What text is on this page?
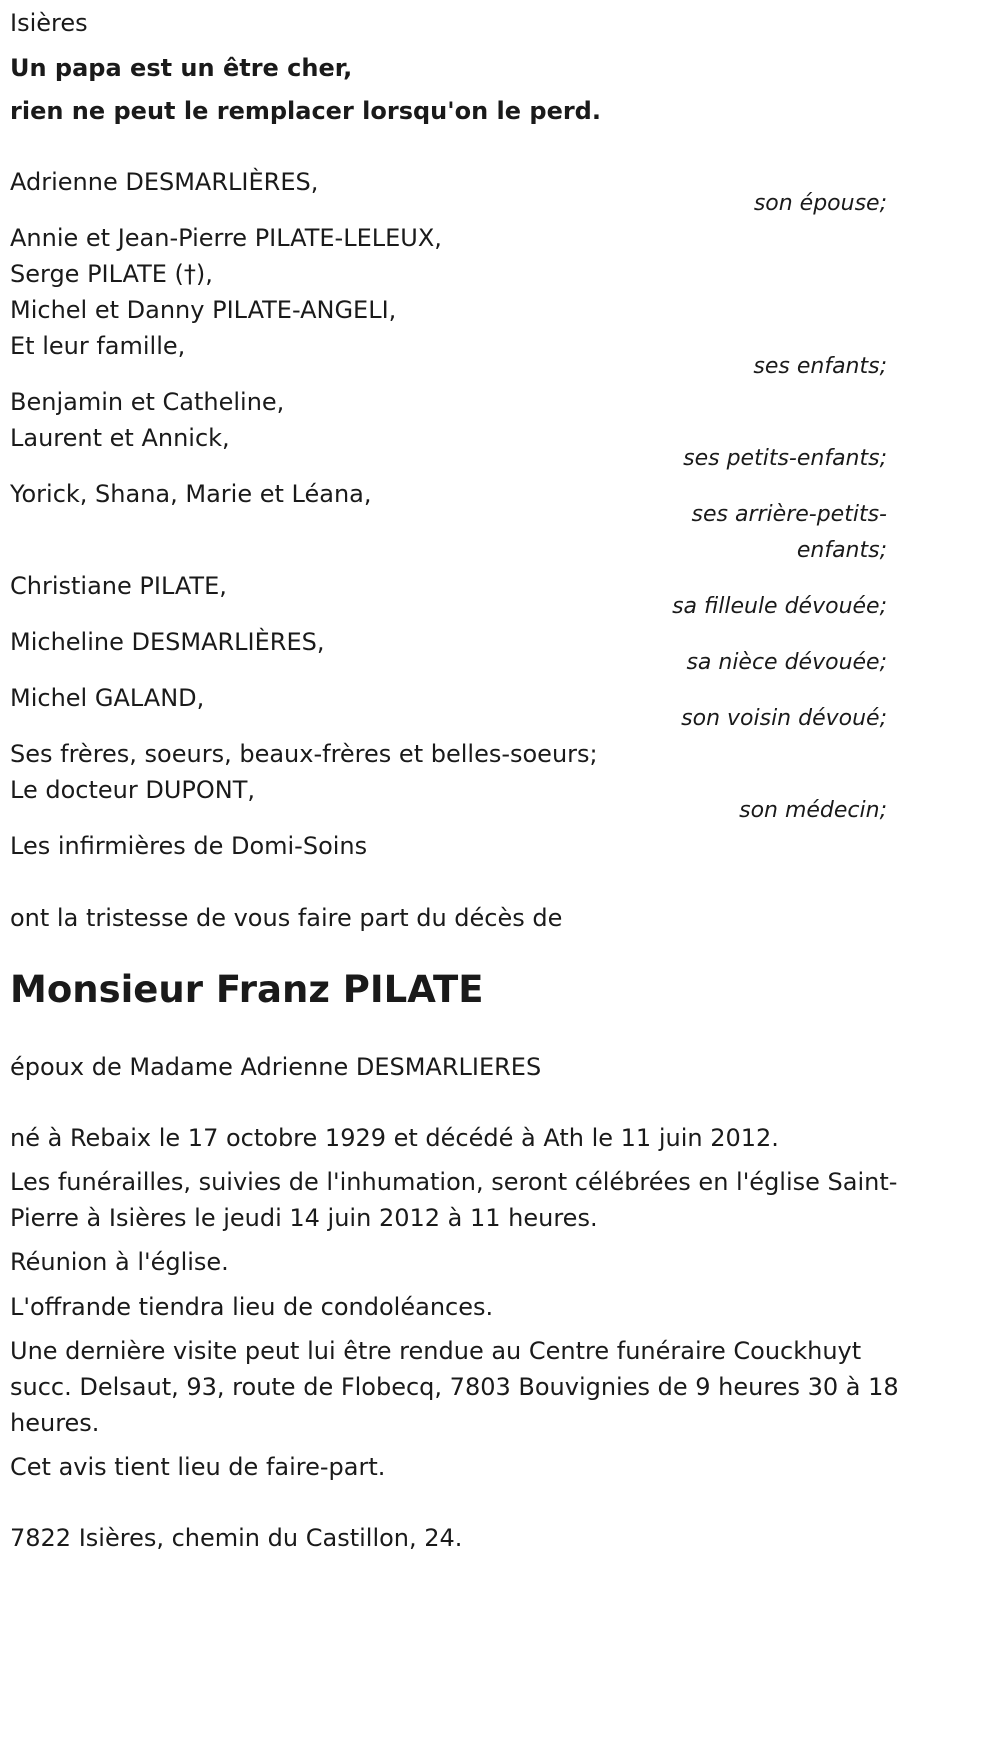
Isières
Un papa est un être cher,
rien ne peut le remplacer lorsqu'on le perd.
Adrienne DESMARLIÈRES,
son épouse;
Annie et Jean-Pierre PILATE-LELEUX,
Serge PILATE (†),
Michel et Danny PILATE-ANGELI,
Et leur famille,
ses enfants;
Benjamin et Catheline,
Laurent et Annick,
ses petits-enfants;
Yorick, Shana, Marie et Léana,
ses arrière-petits-
enfants;
Christiane PILATE,
sa filleule dévouée;
Micheline DESMARLIÈRES,
sa nièce dévouée;
Michel GALAND,
son voisin dévoué;
Ses frères, soeurs, beaux-frères et belles-soeurs;
Le docteur DUPONT,
son médecin;
Les infirmières de Domi-Soins
ont la tristesse de vous faire part du décès de
Monsieur Franz PILATE
époux de Madame Adrienne DESMARLIERES
né à Rebaix le 17 octobre 1929 et décédé à Ath le 11 juin 2012.
Les funérailles, suivies de l'inhumation, seront célébrées en l'église Saint-
Pierre à Isières le jeudi 14 juin 2012 à 11 heures.
Réunion à l'église.
L'offrande tiendra lieu de condoléances.
Une dernière visite peut lui être rendue au Centre funéraire Couckhuyt
succ. Delsaut, 93, route de Flobecq, 7803 Bouvignies de 9 heures 30 à 18
heures.
Cet avis tient lieu de faire-part.
7822 Isières, chemin du Castillon, 24.
